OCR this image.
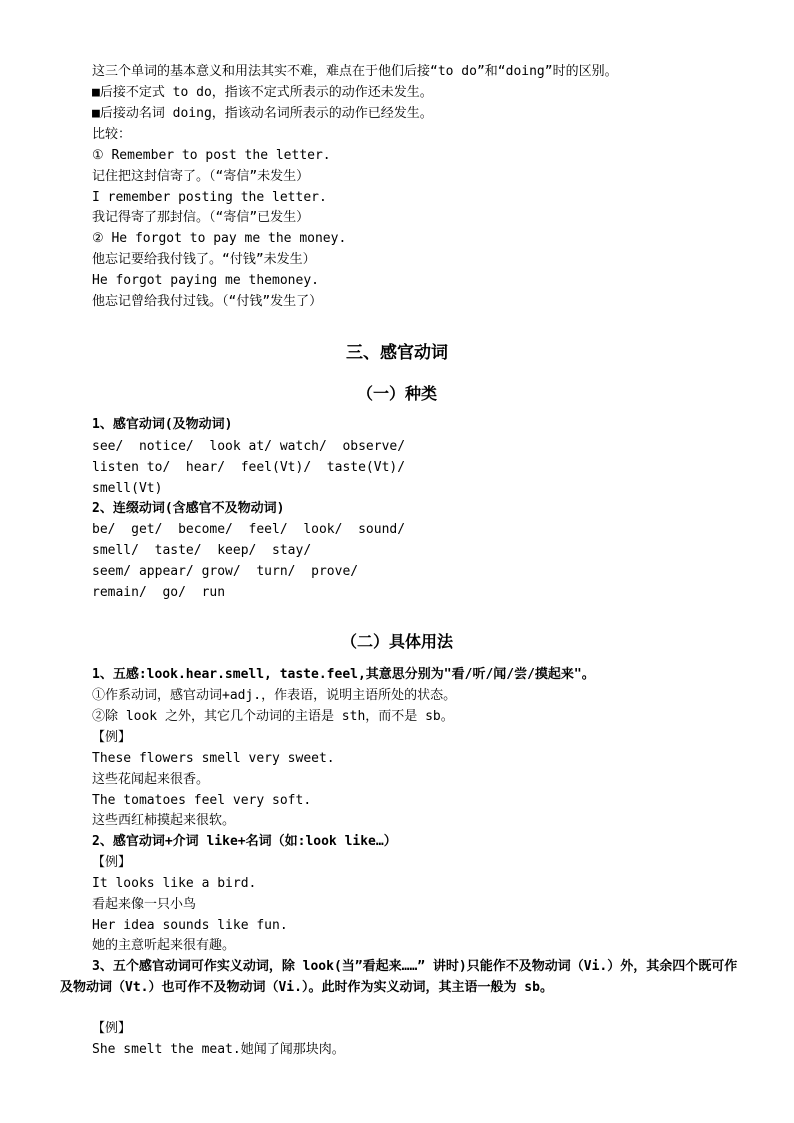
这三个单词的基本意义和用法其实不难，难点在于他们后接“to do”和“doing”时的区别。
■后接不定式 to do，指该不定式所表示的动作还未发生。
■后接动名词 doing，指该动名词所表示的动作已经发生。
比较：
① Remember to post the letter.
记住把这封信寄了。（“寄信”未发生）
I remember posting the letter.
我记得寄了那封信。（“寄信”已发生）
② He forgot to pay me the money.
他忘记要给我付钱了。“付钱”未发生）
He forgot paying me themoney.
他忘记曾给我付过钱。（“付钱”发生了）
三、感官动词
（一）种类
1、感官动词(及物动词)
see/  notice/  look at/ watch/  observe/
listen to/  hear/  feel(Vt)/  taste(Vt)/
smell(Vt)
2、连缀动词(含感官不及物动词)
be/  get/  become/  feel/  look/  sound/
smell/  taste/  keep/  stay/
seem/ appear/ grow/  turn/  prove/
remain/  go/  run
（二）具体用法
1、五感:look.hear.smell, taste.feel,其意思分别为"看/听/闻/尝/摸起来"。
①作系动词，感官动词+adj.，作表语，说明主语所处的状态。
②除 look 之外，其它几个动词的主语是 sth，而不是 sb。
【例】
These flowers smell very sweet.
这些花闻起来很香。
The tomatoes feel very soft.
这些西红柿摸起来很软。
2、感官动词+介词 like+名词（如:look like…）
【例】
It looks like a bird.
看起来像一只小鸟
Her idea sounds like fun.
她的主意听起来很有趣。
3、五个感官动词可作实义动词，除 look(当”看起来……” 讲时)只能作不及物动词（Vi.）外，其余四个既可作及物动词（Vt.）也可作不及物动词（Vi.）。此时作为实义动词，其主语一般为 sb。
【例】
She smelt the meat.她闻了闻那块肉。
